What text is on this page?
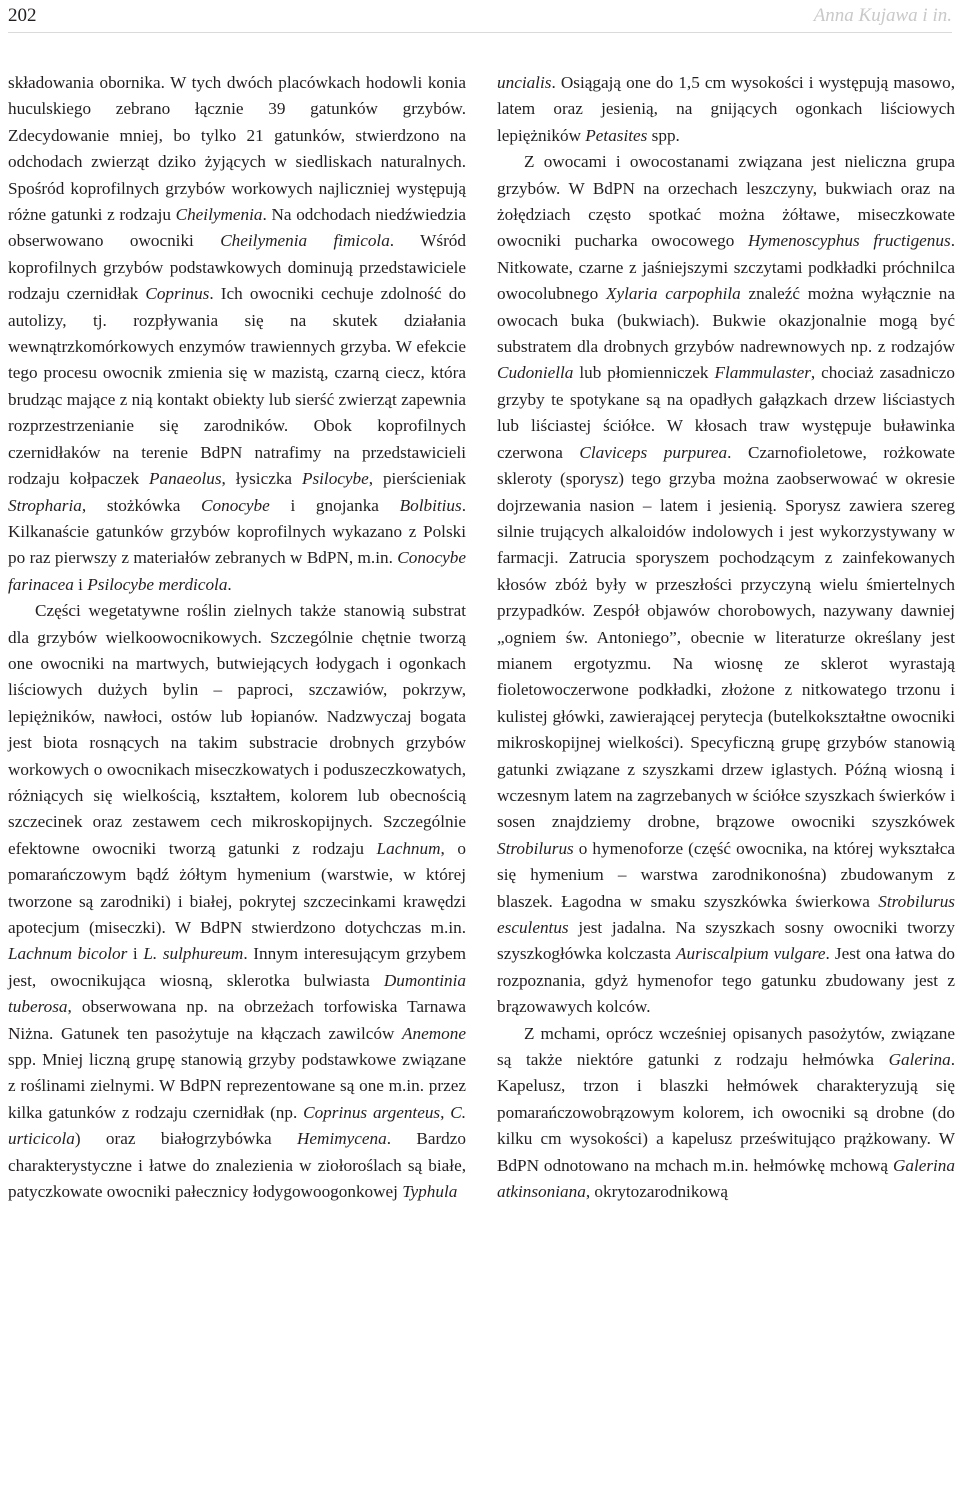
202	Anna Kujawa i in.

składowania obornika. W tych dwóch placówkach hodowli konia huculskiego zebrano łącznie 39 gatunków grzybów. Zdecydowanie mniej, bo tylko 21 gatunków, stwierdzono na odchodach zwierząt dziko żyjących w siedliskach naturalnych. Spośród koprofilnych grzybów workowych najliczniej występują różne gatunki z rodzaju Cheilymenia. Na odchodach niedźwiedzia obserwowano owocniki Cheilymenia fimicola. Wśród koprofilnych grzybów podstawkowych dominują przedstawiciele rodzaju czernidłak Coprinus. Ich owocniki cechuje zdolność do autolizy, tj. rozpływania się na skutek działania wewnątrzkomórkowych enzymów trawiennych grzyba. W efekcie tego procesu owocnik zmienia się w mazistą, czarną ciecz, która brudząc mające z nią kontakt obiekty lub sierść zwierząt zapewnia rozprzestrzenianie się zarodników. Obok koprofilnych czernidłaków na terenie BdPN natrafimy na przedstawicieli rodzaju kołpaczek Panaeolus, łysiczka Psilocybe, pierścieniak Stropharia, stożkówka Conocybe i gnojanka Bolbitius. Kilkanaście gatunków grzybów koprofilnych wykazano z Polski po raz pierwszy z materiałów zebranych w BdPN, m.in. Conocybe farinacea i Psilocybe merdicola.

Części wegetatywne roślin zielnych także stanowią substrat dla grzybów wielkoowocnikowych. Szczególnie chętnie tworzą one owocniki na martwych, butwiejących łodygach i ogonkach liściowych dużych bylin – paproci, szczawiów, pokrzyw, lepiężników, nawłoci, ostów lub łopianów. Nadzwyczaj bogata jest biota rosnących na takim substracie drobnych grzybów workowych o owocnikach miseczkowatych i poduszeczkowatych, różniących się wielkością, kształtem, kolorem lub obecnością szczecinek oraz zestawem cech mikroskopijnych. Szczególnie efektowne owocniki tworzą gatunki z rodzaju Lachnum, o pomarańczowym bądź żółtym hymenium (warstwie, w której tworzone są zarodniki) i białej, pokrytej szczecinkami krawędzi apotecjum (miseczki). W BdPN stwierdzono dotychczas m.in. Lachnum bicolor i L. sulphureum. Innym interesującym grzybem jest, owocnikująca wiosną, sklerotka bulwiasta Dumontinia tuberosa, obserwowana np. na obrzeżach torfowiska Tarnawa Niżna. Gatunek ten pasożytuje na kłączach zawilców Anemone spp. Mniej liczną grupę stanowią grzyby podstawkowe związane z roślinami zielnymi. W BdPN reprezentowane są one m.in. przez kilka gatunków z rodzaju czernidłak (np. Coprinus argenteus, C. urticicola) oraz białogrzybówka Hemimycena. Bardzo charakterystyczne i łatwe do znalezienia w ziołoroślach są białe, patyczkowate owocniki pałecznicy łodygowoogonkowej Typhula

uncialis. Osiągają one do 1,5 cm wysokości i występują masowo, latem oraz jesienią, na gnijących ogonkach liściowych lepiężników Petasites spp.

Z owocami i owocostanami związana jest nieliczna grupa grzybów. W BdPN na orzechach leszczyny, bukwiach oraz na żołędziach często spotkać można żółtawe, miseczkowate owocniki pucharka owocowego Hymenoscyphus fructigenus. Nitkowate, czarne z jaśniejszymi szczytami podkładki próchnilca owocolubnego Xylaria carpophila znaleźć można wyłącznie na owocach buka (bukwiach). Bukwie okazjonalnie mogą być substratem dla drobnych grzybów nadrewnowych np. z rodzajów Cudoniella lub płomienniczek Flammulaster, chociaż zasadniczo grzyby te spotykane są na opadłych gałązkach drzew liściastych lub liściastej ściółce. W kłosach traw występuje buławinka czerwona Claviceps purpurea. Czarnofioletowe, rożkowate skleroty (sporysz) tego grzyba można zaobserwować w okresie dojrzewania nasion – latem i jesienią. Sporysz zawiera szereg silnie trujących alkaloidów indolowych i jest wykorzystywany w farmacji. Zatrucia sporyszem pochodzącym z zainfekowanych kłosów zbóż były w przeszłości przyczyną wielu śmiertelnych przypadków. Zespół objawów chorobowych, nazywany dawniej „ogniem św. Antoniego”, obecnie w literaturze określany jest mianem ergotyzmu. Na wiosnę ze sklerot wyrastają fioletowoczerwone podkładki, złożone z nitkowatego trzonu i kulistej główki, zawierającej perytecja (butelkokształtne owocniki mikroskopijnej wielkości). Specyficzną grupę grzybów stanowią gatunki związane z szyszkami drzew iglastych. Późną wiosną i wczesnym latem na zagrzebanych w ściółce szyszkach świerków i sosen znajdziemy drobne, brązowe owocniki szyszkówek Strobilurus o hymenoforze (część owocnika, na której wykształca się hymenium – warstwa zarodnikonośna) zbudowanym z blaszek. Łagodna w smaku szyszkówka świerkowa Strobilurus esculentus jest jadalna. Na szyszkach sosny owocniki tworzy szyszkogłówka kolczasta Auriscalpium vulgare. Jest ona łatwa do rozpoznania, gdyż hymenofor tego gatunku zbudowany jest z brązowawych kolców.

Z mchami, oprócz wcześniej opisanych pasożytów, związane są także niektóre gatunki z rodzaju hełmówka Galerina. Kapelusz, trzon i blaszki hełmówek charakteryzują się pomarańczowobrązowym kolorem, ich owocniki są drobne (do kilku cm wysokości) a kapelusz prześwitująco prążkowany. W BdPN odnotowano na mchach m.in. hełmówkę mchową Galerina atkinsoniana, okrytozarodnikową
